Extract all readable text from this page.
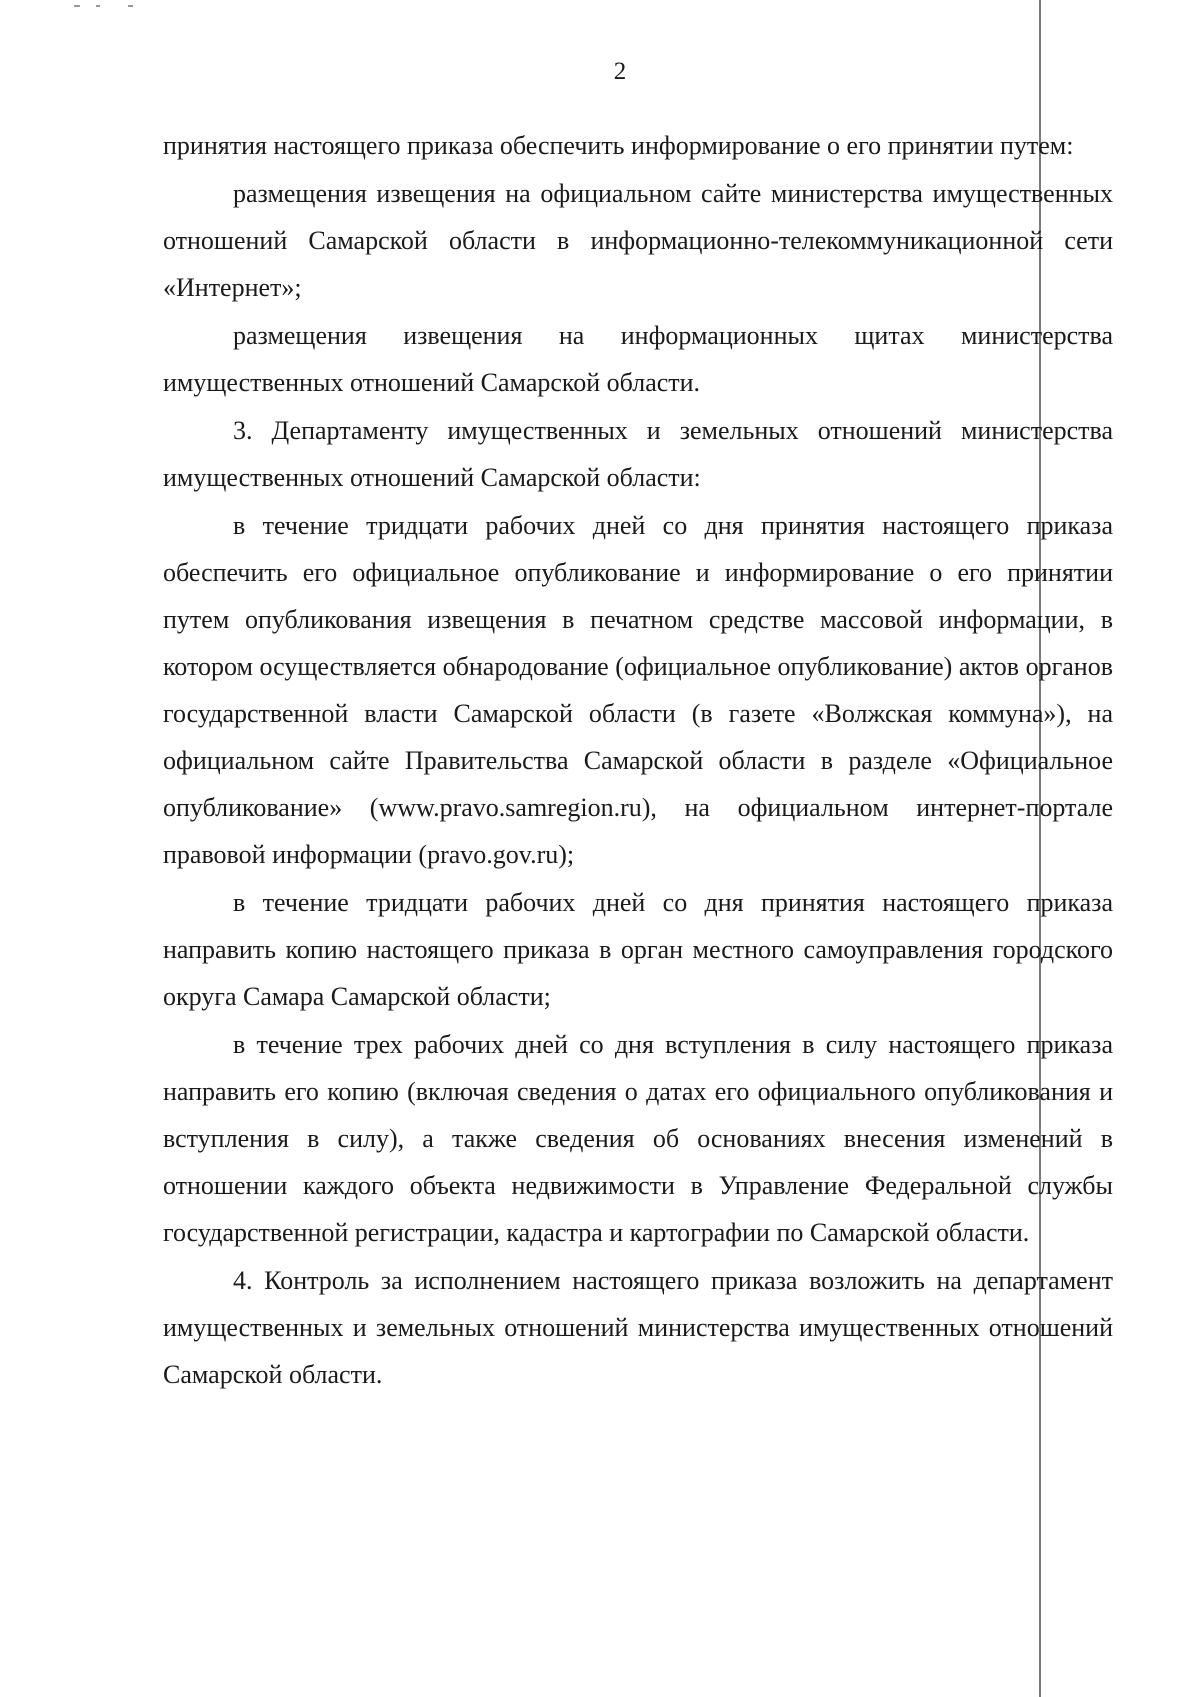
2

принятия настоящего приказа обеспечить информирование о его принятии путем:

размещения извещения на официальном сайте министерства имущественных отношений Самарской области в информационно-телекоммуникационной сети «Интернет»;

размещения извещения на информационных щитах министерства имущественных отношений Самарской области.

3. Департаменту имущественных и земельных отношений министерства имущественных отношений Самарской области:

в течение тридцати рабочих дней со дня принятия настоящего приказа обеспечить его официальное опубликование и информирование о его принятии путем опубликования извещения в печатном средстве массовой информации, в котором осуществляется обнародование (официальное опубликование) актов органов государственной власти Самарской области (в газете «Волжская коммуна»), на официальном сайте Правительства Самарской области в разделе «Официальное опубликование» (www.pravo.samregion.ru), на официальном интернет-портале правовой информации (pravo.gov.ru);

в течение тридцати рабочих дней со дня принятия настоящего приказа направить копию настоящего приказа в орган местного самоуправления городского округа Самара Самарской области;

в течение трех рабочих дней со дня вступления в силу настоящего приказа направить его копию (включая сведения о датах его официального опубликования и вступления в силу), а также сведения об основаниях внесения изменений в отношении каждого объекта недвижимости в Управление Федеральной службы государственной регистрации, кадастра и картографии по Самарской области.

4. Контроль за исполнением настоящего приказа возложить на департамент имущественных и земельных отношений министерства имущественных отношений Самарской области.
